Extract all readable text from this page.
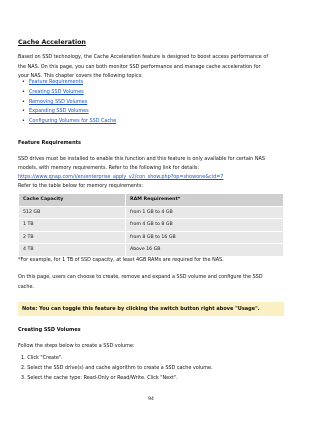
Cache Acceleration

Based on SSD technology, the Cache Acceleration feature is designed to boost access performance of

the NAS. On this page, you can both monitor SSD performance and manage cache acceleration for

your NAS. This chapter covers the following topics:

• Feature Requirements
• Creating SSD Volumes
• Removing SSD Volumes
• Expanding SSD Volumes
• Configuring Volumes for SSD Cache
Feature Requirements

SSD drives must be installed to enable this function and this feature is only available for certain NAS

models, with memory requirements. Refer to the following link for details:

https://www.qnap.com/i/en/enterprise_apply_v2/con_show.php?op=showone&cid=7

Refer to the table below for memory requirements:

Cache Capacity	RAM Requirement*
512 GB	from 1 GB to 4 GB
1 TB	from 4 GB to 8 GB
2 TB	from 8 GB to 16 GB
4 TB	Above 16 GB

*For example, for 1 TB of SSD capacity, at least 4GB RAMs are required for the NAS.

On this page, users can choose to create, remove and expand a SSD volume and configure the SSD

cache.

Note: You can toggle this feature by clicking the switch button right above "Usage".
Creating SSD Volumes

Follow the steps below to create a SSD volume:

1. Click "Create".
2. Select the SSD drive(s) and cache algorithm to create a SSD cache volume.
3. Select the cache type: Read-Only or Read/Write. Click "Next".

94
